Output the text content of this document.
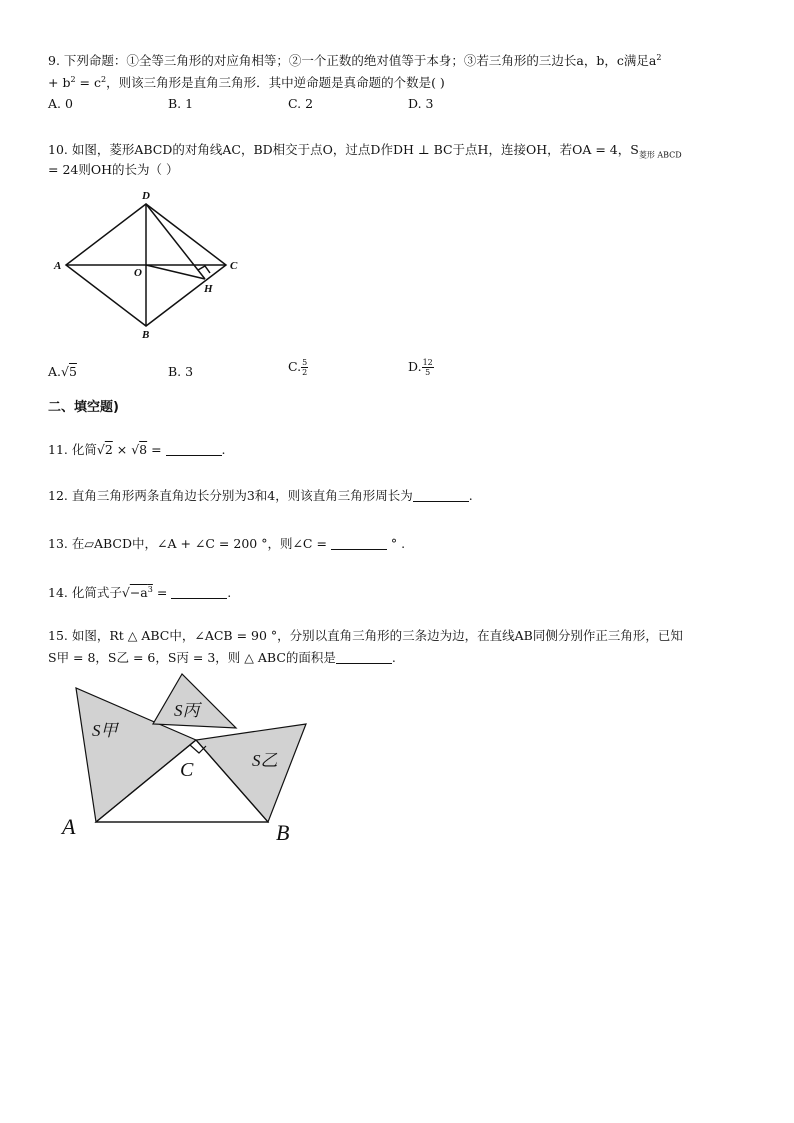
9. 下列命题：①全等三角形的对应角相等；②一个正数的绝对值等于本身；③若三角形的三边长a，b，c满足$a^2$
+ $b^2 = c^2$，则该三角形是直角三角形．其中逆命题是真命题的个数是( )
A. 0	B. 1	C. 2	D. 3
10. 如图，菱形ABCD的对角线AC，BD相交于点O，过点D作DH ⊥ BC于点H，连接OH，若OA = 4，$S_{菱形 ABCD}$
= 24则OH的长为（ ）
A
D
C
B
O
H
A.√5	B. 3	C. $\frac{5}{2}$	D. $\frac{12}{5}$
二、填空题)
11. 化简√2 × √8 =	.
12. 直角三角形两条直角边长分别为3和4，则该直角三角形周长为	.
13. 在▱ABCD中，∠A + ∠C = 200 °，则∠C =	° .
14. 化简式子$√-a^3$ =	.
15. 如图，Rt △ ABC中，∠ACB = 90 °，分别以直角三角形的三条边为边，在直线AB同侧分别作正三角形，已知
S甲 = 8，S乙 = 6，S丙 = 3，则 △ ABC的面积是	.
S甲
S丙
S乙
C
A	B
